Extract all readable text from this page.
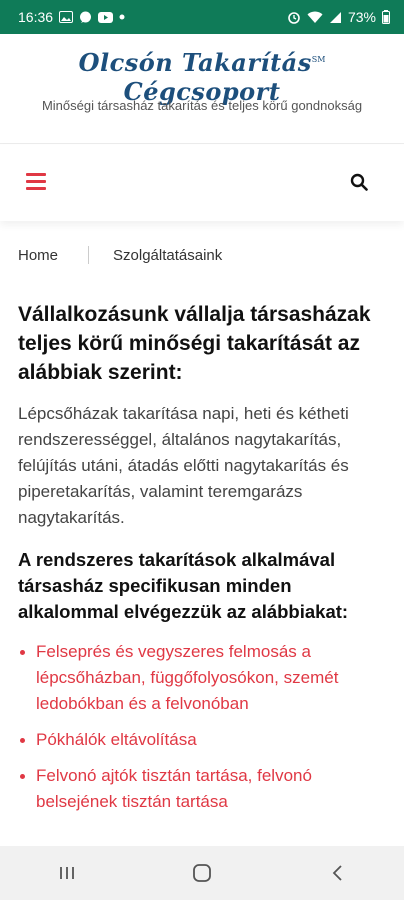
16:36	73%
Olcsón Takarítás℠ Cégcsoport
Minőségi társasház takarítás és teljes körű gondnokság
Home	Szolgáltatásaink
Vállalkozásunk vállalja társasházak teljes körű minőségi takarítását az alábbiak szerint:

Lépcsőházak takarítása napi, heti és kétheti rendszerességgel, általános nagytakarítás, felújítás utáni, átadás előtti nagytakarítás és piperetakarítás, valamint teremgarázs nagytakarítás.

A rendszeres takarítások alkalmával társasház specifikusan minden alkalommal elvégezzük az alábbiakat:
Felseprés és vegyszeres felmosás a lépcsőházban, függőfolyosókon, szemét ledobókban és a felvonóban
Pókhálók eltávolítása
Felvonó ajtók tisztán tartása, felvonó belsejének tisztán tartása
